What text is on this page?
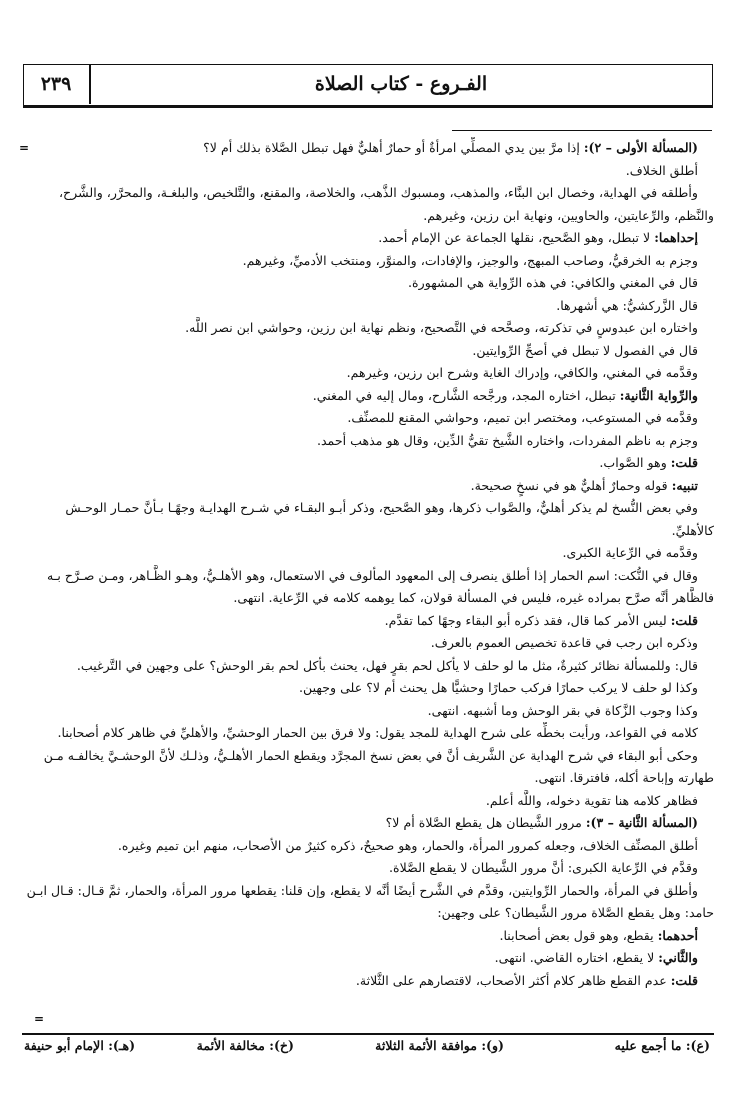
٢٣٩	الفـروع - كتاب الصلاة
=	(المسألة الأولى – ٢): إذا مرَّ بين يدي المصلِّي امرأةٌ أو حمارٌ أهليٌّ فهل تبطل الصَّلاة بذلك أم لا؟
أطلق الخلاف.
وأطلقه في الهداية، وخصال ابن البنَّاء، والمذهب، ومسبوك الذَّهب، والخلاصة، والمقنع، والتَّلخيص، والبلغـة، والمحرَّر، والشَّرح،
والنَّظم، والرِّعايتين، والحاويين، ونهاية ابن رزين، وغيرهم.
إحداهما: لا تبطل، وهو الصَّحيح، نقلها الجماعة عن الإمام أحمد.
وجزم به الخرقيُّ، وصاحب المبهج، والوجيز، والإفادات، والمنوَّر، ومنتخب الأدميِّ، وغيرهم.
قال في المغني والكافي: في هذه الرِّواية هي المشهورة.
قال الزَّركشيُّ: هي أشهرها.
واختاره ابن عبدوسٍ في تذكرته، وصحَّحه في التَّصحيح، ونظم نهاية ابن رزين، وحواشي ابن نصر اللَّه.
قال في الفصول لا تبطل في أصحِّ الرِّوايتين.
وقدَّمه في المغني، والكافي، وإدراك الغاية وشرح ابن رزين، وغيرهم.
والرِّواية الثَّانية: تبطل، اختاره المجد، ورجَّحه الشَّارح، ومال إليه في المغني.
وقدَّمه في المستوعب، ومختصر ابن تميم، وحواشي المقنع للمصنِّف.
وجزم به ناظم المفردات، واختاره الشَّيخ تقيُّ الدِّين، وقال هو مذهب أحمد.
قلت: وهو الصَّواب.
تنبيه: قوله وحمارٌ أهليٌّ هو في نسخٍ صحيحة.
وفي بعض النُّسخ لم يذكر أهليٌّ، والصَّواب ذكرها، وهو الصَّحيح، وذكر أبـو البقـاء في شـرح الهدايـة وجهًـا بـأنَّ حمـار الوحـش
كالأهليِّ.
وقدَّمه في الرِّعاية الكبرى.
وقال في النُّكت: اسم الحمار إذا أطلق ينصرف إلى المعهود المألوف في الاستعمال، وهو الأهلـيُّ، وهـو الظَّـاهر، ومـن صـرَّح بـه
فالظَّاهر أنَّه صرَّح بمراده غيره، فليس في المسألة قولان، كما يوهمه كلامه في الرِّعاية. انتهى.
قلت: ليس الأمر كما قال، فقد ذكره أبو البقاء وجهًا كما تقدَّم.
وذكره ابن رجب في قاعدة تخصيص العموم بالعرف.
قال: وللمسألة نظائر كثيرةٌ، مثل ما لو حلف لا يأكل لحم بقرٍ فهل، يحنث بأكل لحم بقر الوحش؟ على وجهين في التَّرغيب.
وكذا لو حلف لا يركب حمارًا فركب حمارًا وحشيًّا هل يحنث أم لا؟ على وجهين.
وكذا وجوب الزَّكاة في بقر الوحش وما أشبهه. انتهى.
كلامه في القواعد، ورأيت بخطِّه على شرح الهداية للمجد يقول: ولا فرق بين الحمار الوحشيِّ، والأهليِّ في ظاهر كلام أصحابنا.
وحكى أبو البقاء في شرح الهداية عن الشَّريف أنَّ في بعض نسخ المجرَّد ويقطع الحمار الأهلـيُّ، وذلـك لأنَّ الوحشـيَّ يخالفـه مـن
طهارته وإباحة أكله، فافترقا. انتهى.
فظاهر كلامه هنا تقوية دخوله، واللَّه أعلم.
(المسألة الثَّانية – ٣): مرور الشَّيطان هل يقطع الصَّلاة أم لا؟
أطلق المصنِّف الخلاف، وجعله كمرور المرأة، والحمار، وهو صحيحٌ، ذكره كثيرٌ من الأصحاب، منهم ابن تميم وغيره.
وقدَّم في الرِّعاية الكبرى: أنَّ مرور الشَّيطان لا يقطع الصَّلاة.
وأطلق في المرأة، والحمار الرِّوايتين، وقدَّم في الشَّرح أيضًا أنَّه لا يقطع، وإن قلنا: يقطعها مرور المرأة، والحمار، ثمَّ قـال: قـال ابـن
حامد: وهل يقطع الصَّلاة مرور الشَّيطان؟ على وجهين:
أحدهما: يقطع، وهو قول بعض أصحابنا.
والثَّاني: لا يقطع، اختاره القاضي. انتهى.
قلت: عدم القطع ظاهر كلام أكثر الأصحاب، لاقتصارهم على الثَّلاثة.
=
(ع): ما أجمع عليه
(و): موافقة الأئمة الثلاثة
(خ): مخالفة الأئمة
(هـ): الإمام أبو حنيفة
